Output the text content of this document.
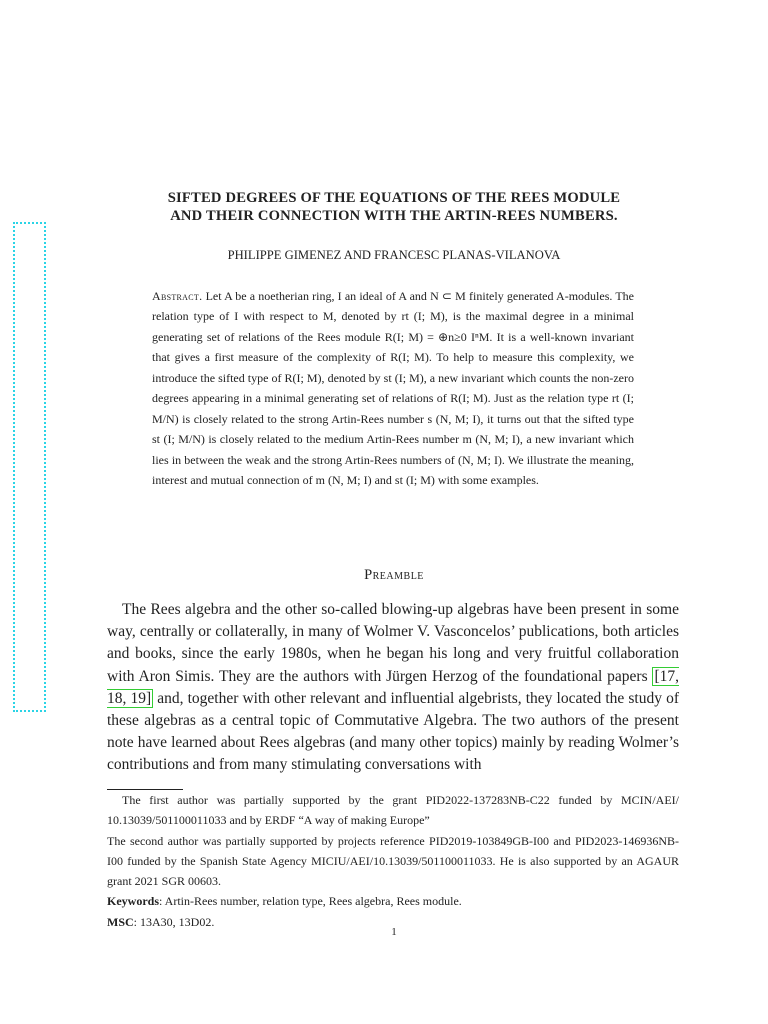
SIFTED DEGREES OF THE EQUATIONS OF THE REES MODULE
AND THEIR CONNECTION WITH THE ARTIN-REES NUMBERS.
PHILIPPE GIMENEZ AND FRANCESC PLANAS-VILANOVA

Abstract. Let A be a noetherian ring, I an ideal of A and N ⊂ M finitely generated A-modules. The relation type of I with respect to M, denoted by rt (I; M), is the maximal degree in a minimal generating set of relations of the Rees module R(I; M) = ⊕n≥0 IⁿM. It is a well-known invariant that gives a first measure of the complexity of R(I; M). To help to measure this complexity, we introduce the sifted type of R(I; M), denoted by st (I; M), a new invariant which counts the non-zero degrees appearing in a minimal generating set of relations of R(I; M). Just as the relation type rt (I; M/N) is closely related to the strong Artin-Rees number s (N, M; I), it turns out that the sifted type st (I; M/N) is closely related to the medium Artin-Rees number m (N, M; I), a new invariant which lies in between the weak and the strong Artin-Rees numbers of (N, M; I). We illustrate the meaning, interest and mutual connection of m (N, M; I) and st (I; M) with some examples.

Preamble

The Rees algebra and the other so-called blowing-up algebras have been present in some way, centrally or collaterally, in many of Wolmer V. Vasconcelos’ publications, both articles and books, since the early 1980s, when he began his long and very fruitful collaboration with Aron Simis. They are the authors with Jürgen Herzog of the foundational papers [17, 18, 19] and, together with other relevant and influential algebrists, they located the study of these algebras as a central topic of Commutative Algebra. The two authors of the present note have learned about Rees algebras (and many other topics) mainly by reading Wolmer’s contributions and from many stimulating conversations with

The first author was partially supported by the grant PID2022-137283NB-C22 funded by MCIN/AEI/ 10.13039/501100011033 and by ERDF “A way of making Europe”

The second author was partially supported by projects reference PID2019-103849GB-I00 and PID2023-146936NB-I00 funded by the Spanish State Agency MICIU/AEI/10.13039/501100011033. He is also supported by an AGAUR grant 2021 SGR 00603.

Keywords: Artin-Rees number, relation type, Rees algebra, Rees module.

MSC: 13A30, 13D02.

1
